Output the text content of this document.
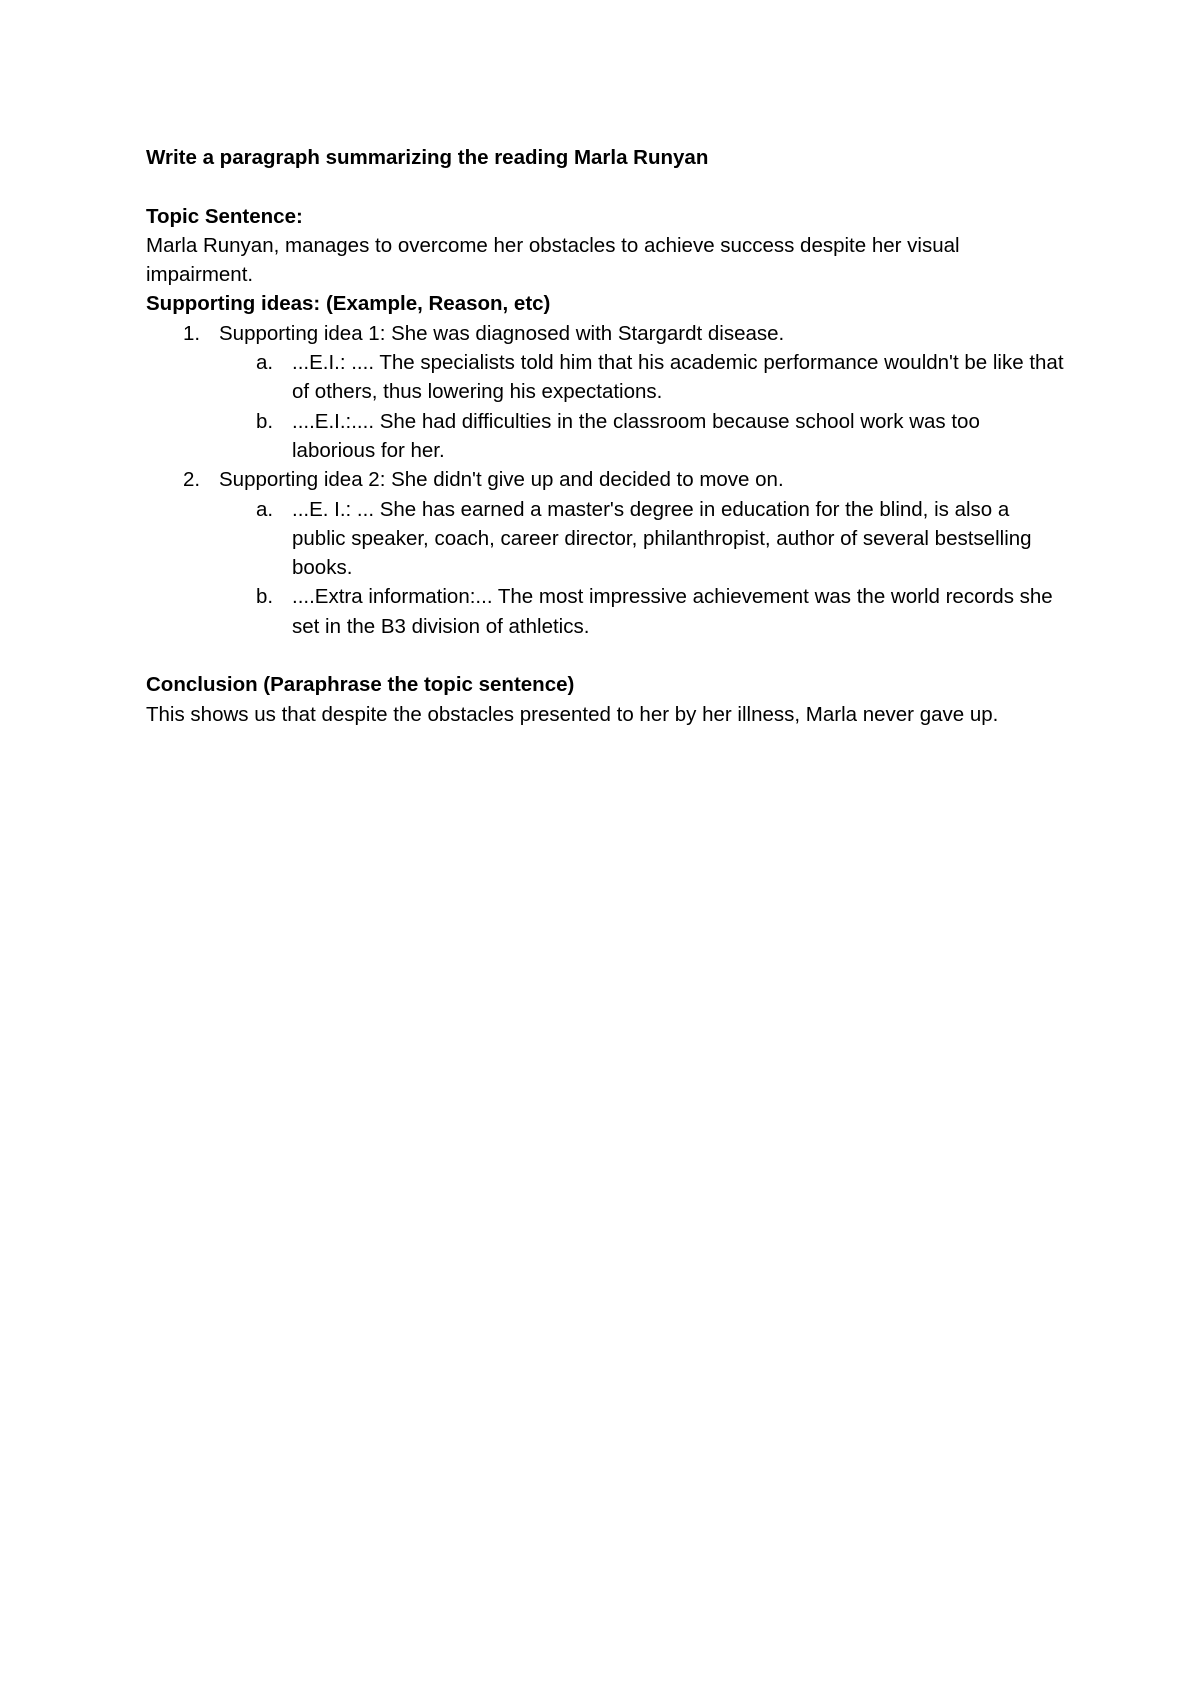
Write a paragraph summarizing the reading Marla Runyan

Topic Sentence:

Marla Runyan, manages to overcome her obstacles to achieve success despite her visual impairment.

Supporting ideas: (Example, Reason, etc)

1. Supporting idea 1: She was diagnosed with Stargardt disease.
a. ...E.I.: .... The specialists told him that his academic performance wouldn't be like that of others, thus lowering his expectations.
b. ....E.I.:.... She had difficulties in the classroom because school work was too laborious for her.
2. Supporting idea 2: She didn't give up and decided to move on.
a. ...E. I.: ... She has earned a master's degree in education for the blind, is also a public speaker, coach, career director, philanthropist, author of several bestselling books.
b. ....Extra information:... The most impressive achievement was the world records she set in the B3 division of athletics.

Conclusion (Paraphrase the topic sentence)

This shows us that despite the obstacles presented to her by her illness, Marla never gave up.
